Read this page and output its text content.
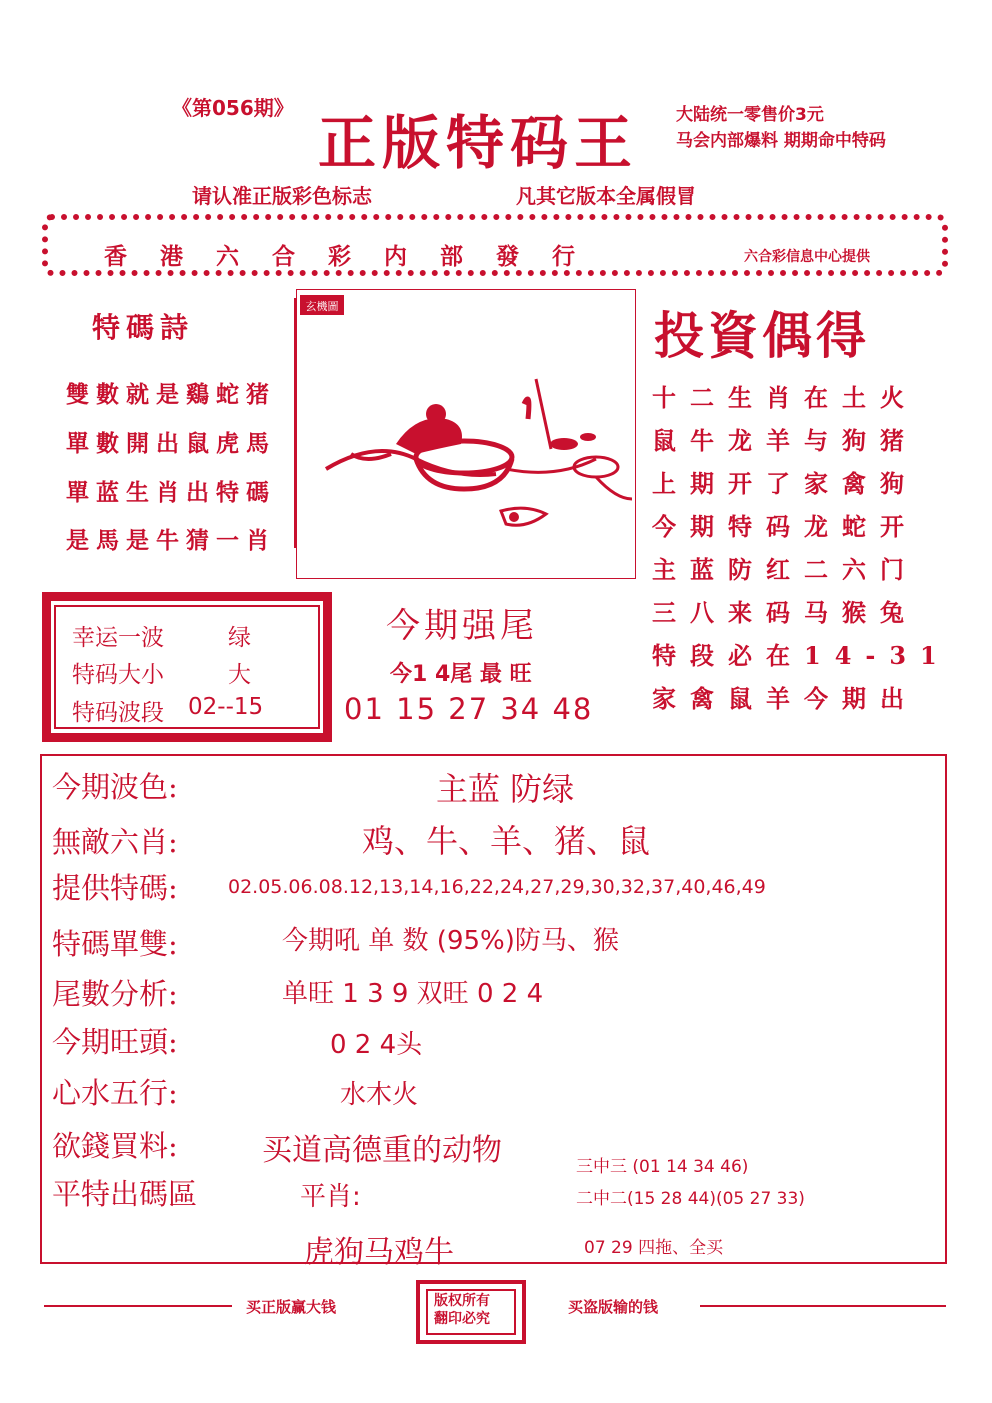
《第056期》
正版特码王 大陆统一零售价3元
马会内部爆料 期期命中特码
请认准正版彩色标志	凡其它版本全属假冒
香港六合彩内部發行	六合彩信息中心提供
特碼詩
雙數就是鷄蛇猪
單數開出鼠虎馬
單蓝生肖出特碼
是馬是牛猜一肖
玄機圖	投資偶得
十二生肖在土火
鼠牛龙羊与狗猪
上期开了家禽狗
今期特码龙蛇开
主蓝防红二六门
三八来码马猴兔
特段必在14-31
家禽鼠羊今期出
幸运一波	绿
特码大小	大
特码波段 02--15
今期强尾
今1 4尾 最 旺
01 15 27 34 48
今期波色:	主蓝 防绿
無敵六肖:	鸡、牛、羊、猪、鼠
提供特碼:	02.05.06.08.12,13,14,16,22,24,27,29,30,32,37,40,46,49
特碼單雙:	今期吼 单 数 (95%)防马、猴
尾數分析:	单旺 1 3 9 双旺 0 2 4
今期旺頭:	0 2 4头
心水五行:	水木火
欲錢買料:	买道高德重的动物
平特出碼區	平肖:
虎狗马鸡牛
三中三 (01 14 34 46)
二中二(15 28 44)(05 27 33)
07 29 四拖、全买
买正版赢大钱	版权所有
翻印必究
买盗版输的钱
